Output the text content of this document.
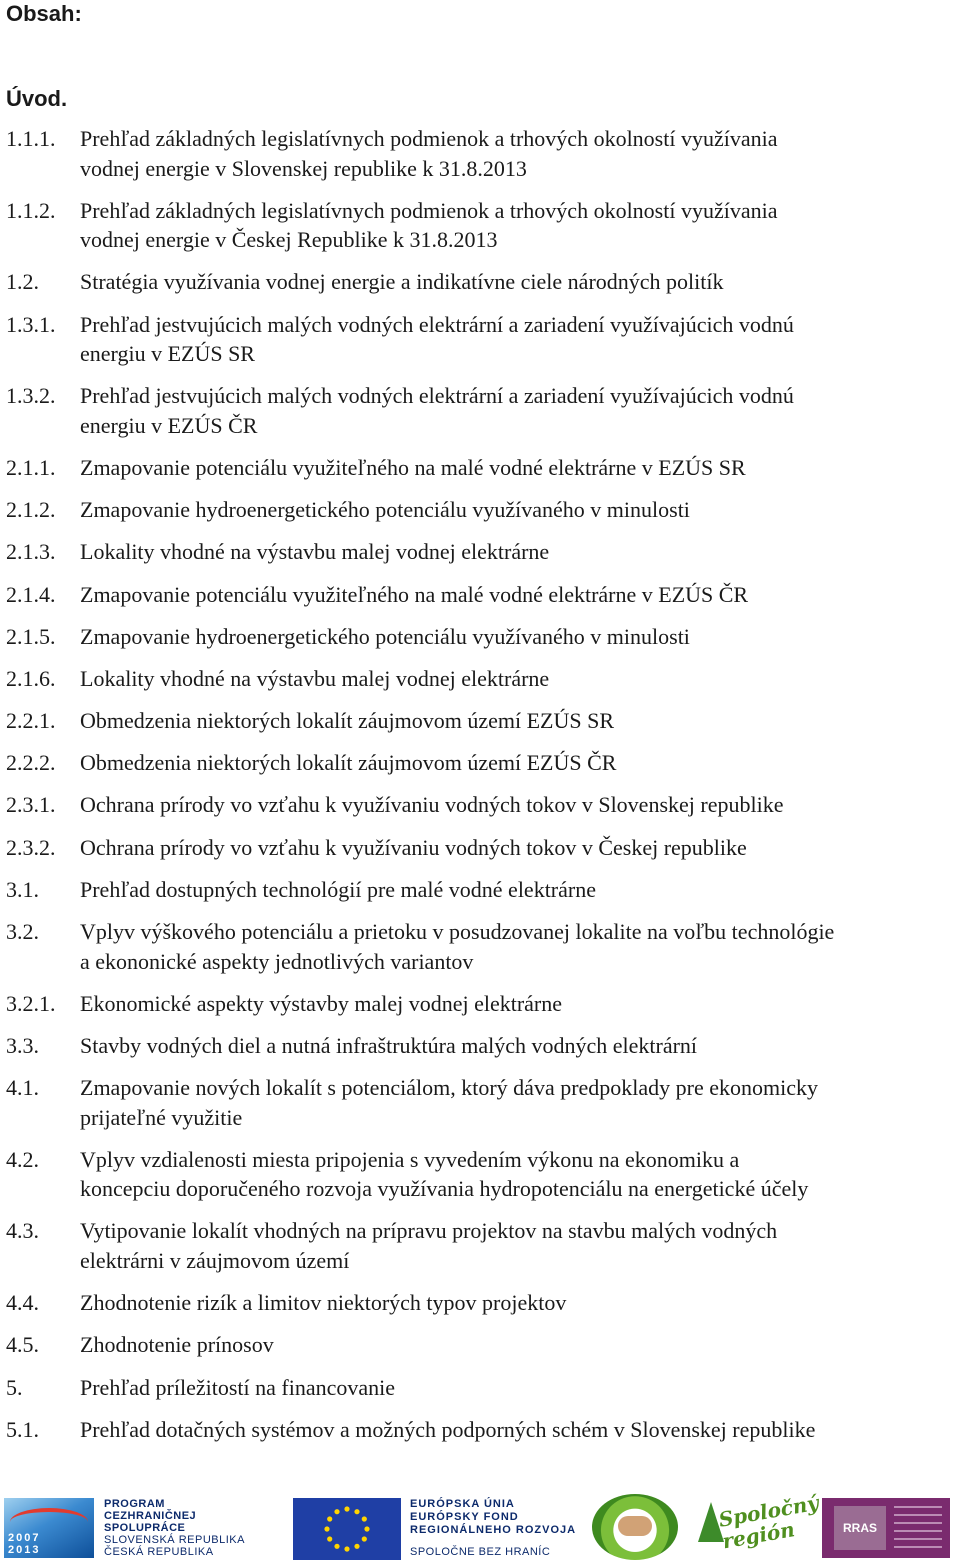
Obsah:
Úvod.
1.1.1. Prehľad základných legislatívnych podmienok a trhových okolností využívania
vodnej energie v Slovenskej republike k 31.8.2013
1.1.2. Prehľad základných legislatívnych podmienok a trhových okolností využívania
vodnej energie v Českej Republike k 31.8.2013
1.2. Stratégia využívania vodnej energie a indikatívne ciele národných politík
1.3.1. Prehľad jestvujúcich malých vodných elektrární a zariadení využívajúcich vodnú
energiu v EZÚS SR
1.3.2. Prehľad jestvujúcich malých vodných elektrární a zariadení využívajúcich vodnú
energiu v EZÚS ČR
2.1.1. Zmapovanie potenciálu využiteľného na malé vodné elektrárne v EZÚS SR
2.1.2. Zmapovanie hydroenergetického potenciálu využívaného v minulosti
2.1.3. Lokality vhodné na výstavbu malej vodnej elektrárne
2.1.4. Zmapovanie potenciálu využiteľného na malé vodné elektrárne v EZÚS ČR
2.1.5. Zmapovanie hydroenergetického potenciálu využívaného v minulosti
2.1.6. Lokality vhodné na výstavbu malej vodnej elektrárne
2.2.1. Obmedzenia niektorých lokalít záujmovom území EZÚS SR
2.2.2. Obmedzenia niektorých lokalít záujmovom území EZÚS ČR
2.3.1. Ochrana prírody vo vzťahu k využívaniu vodných tokov v Slovenskej republike
2.3.2. Ochrana prírody vo vzťahu k využívaniu vodných tokov v Českej republike
3.1. Prehľad dostupných technológií pre malé vodné elektrárne
3.2. Vplyv výškového potenciálu a prietoku v posudzovanej lokalite na voľbu technológie
a ekononické aspekty jednotlivých variantov
3.2.1. Ekonomické aspekty výstavby malej vodnej elektrárne
3.3. Stavby vodných diel a nutná infraštruktúra malých vodných elektrární
4.1. Zmapovanie nových lokalít s potenciálom, ktorý dáva predpoklady pre ekonomicky
prijateľné využitie
4.2. Vplyv vzdialenosti miesta pripojenia s vyvedením výkonu na ekonomiku a
koncepciu doporučeného rozvoja využívania hydropotenciálu na energetické účely
4.3. Vytipovanie lokalít vhodných na prípravu projektov na stavbu malých vodných
elektrárni v záujmovom území
4.4. Zhodnotenie rizík a limitov niektorých typov projektov
4.5. Zhodnotenie prínosov
5.	Prehľad príležitostí na financovanie
5.1. Prehľad dotačných systémov a možných podporných schém v Slovenskej republike
2007
2013
PROGRAM
CEZHRANIČNEJ
SPOLUPRÁCE
SLOVENSKÁ REPUBLIKA
ČESKÁ REPUBLIKA
EURÓPSKA ÚNIA
EURÓPSKY FOND
REGIONÁLNEHO ROZVOJA
SPOLOČNE BEZ HRANÍC
Spoločný
región	RRAS
